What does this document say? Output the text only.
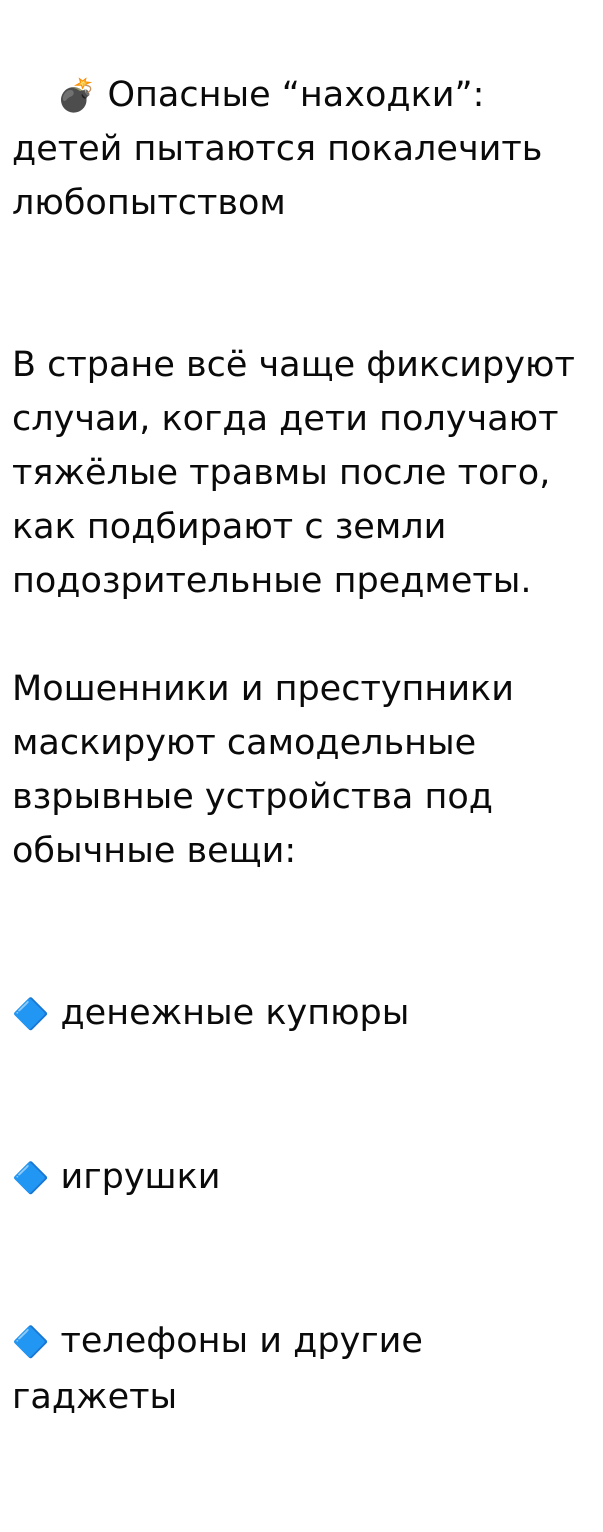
💣 Опасные “находки”: детей пытаются покалечить любопытством

В стране всё чаще фиксируют случаи, когда дети получают тяжёлые травмы после того, как подбирают с земли подозрительные предметы.
Мошенники и преступники маскируют самодельные взрывные устройства под обычные вещи:

🔷 денежные купюры

🔷 игрушки

🔷 телефоны и другие гаджеты
